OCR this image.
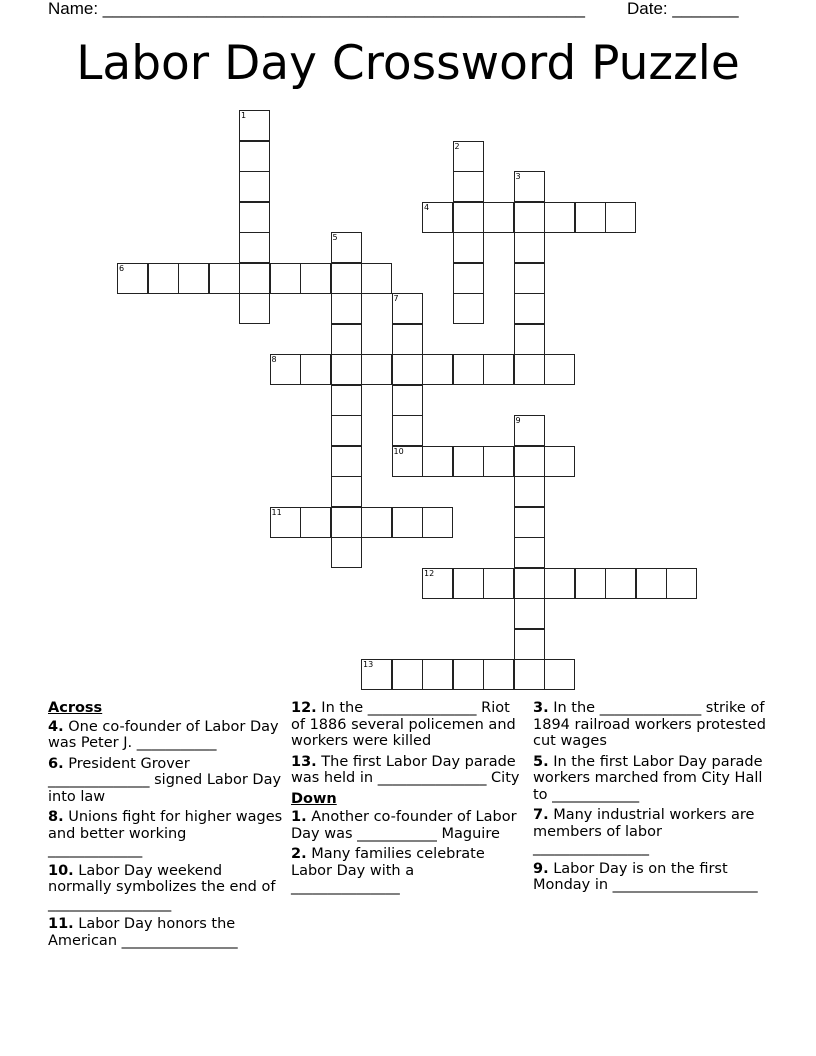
Name: ___________________________________________________ Date: _______
Labor Day Crossword Puzzle
1
2
3
4
5
6
7
8
9
10
11
12
13
Across
4. One co-founder of Labor Day was Peter J. ___________
6. President Grover ______________ signed Labor Day into law
8. Unions fight for higher wages and better working _____________
10. Labor Day weekend normally symbolizes the end of _________________
11. Labor Day honors the American ________________
12. In the _______________ Riot of 1886 several policemen and workers were killed
13. The first Labor Day parade was held in _______________ City
Down
1. Another co-founder of Labor Day was ___________ Maguire
2. Many families celebrate Labor Day with a _______________
3. In the ______________ strike of 1894 railroad workers protested cut wages
5. In the first Labor Day parade workers marched from City Hall to ____________
7. Many industrial workers are members of labor ________________
9. Labor Day is on the first Monday in ____________________
